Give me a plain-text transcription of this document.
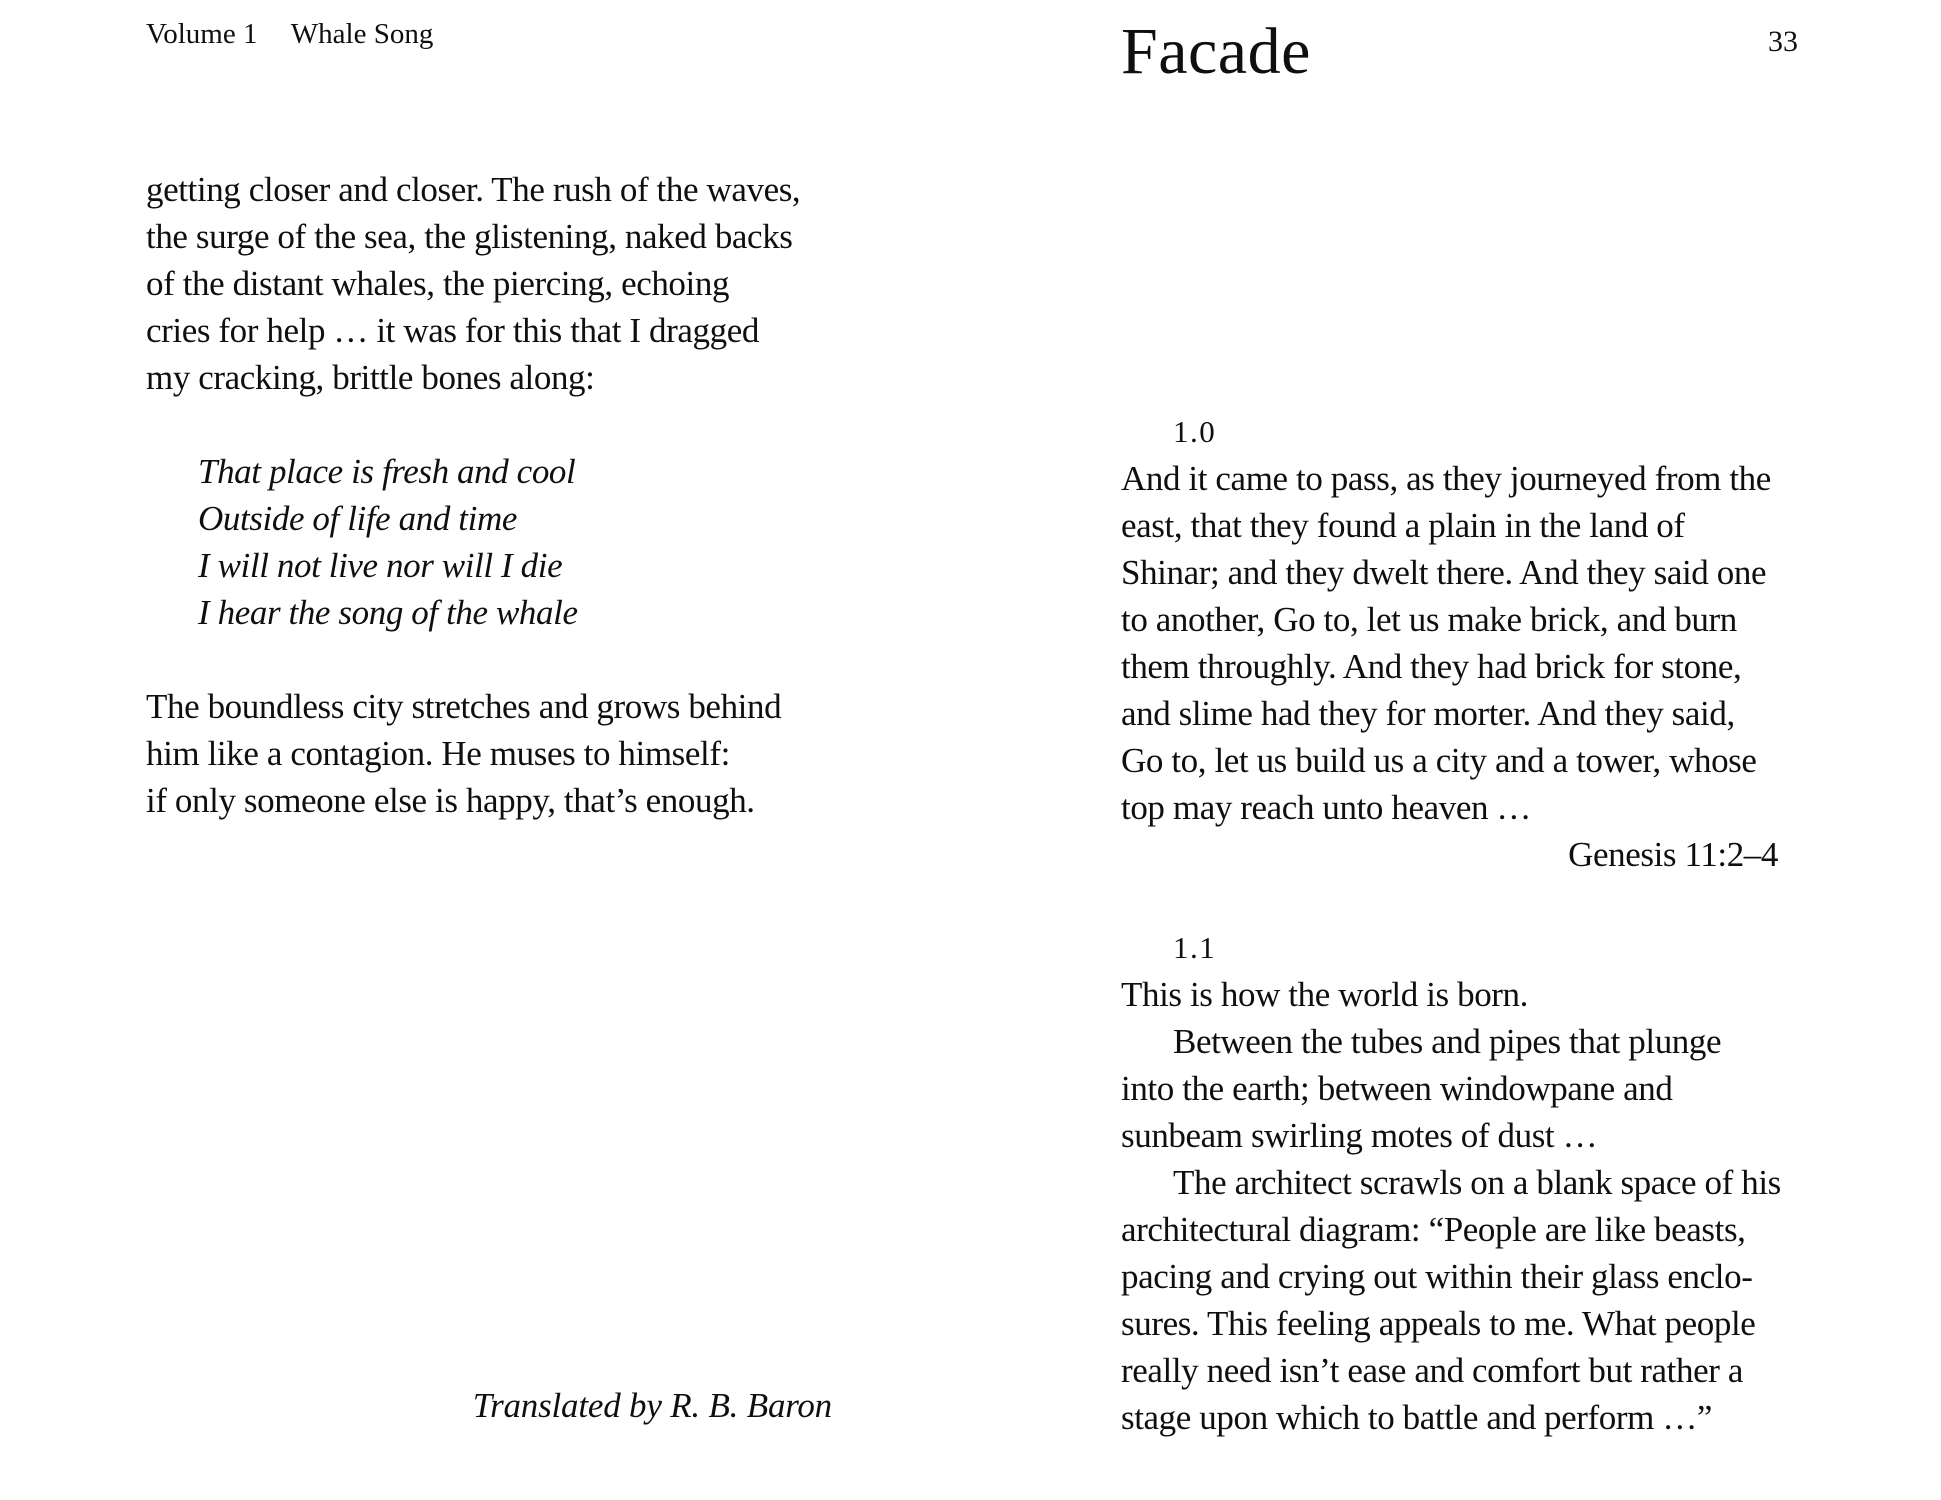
Volume 1 Whale Song
getting closer and closer. The rush of the waves,
the surge of the sea, the glistening, naked backs
of the distant whales, the piercing, echoing
cries for help … it was for this that I dragged
my cracking, brittle bones along:
That place is fresh and cool
Outside of life and time
I will not live nor will I die
I hear the song of the whale
The boundless city stretches and grows behind
him like a contagion. He muses to himself:
if only someone else is happy, that’s enough.
Translated by R. B. Baron
Facade	33
1.0
And it came to pass, as they journeyed from the
east, that they found a plain in the land of
Shinar; and they dwelt there. And they said one
to another, Go to, let us make brick, and burn
them throughly. And they had brick for stone,
and slime had they for morter. And they said,
Go to, let us build us a city and a tower, whose
top may reach unto heaven …
Genesis 11:2–4
1.1
This is how the world is born.
Between the tubes and pipes that plunge
into the earth; between windowpane and
sunbeam swirling motes of dust …
The architect scrawls on a blank space of his
architectural diagram: “People are like beasts,
pacing and crying out within their glass enclo-
sures. This feeling appeals to me. What people
really need isn’t ease and comfort but rather a
stage upon which to battle and perform …”
